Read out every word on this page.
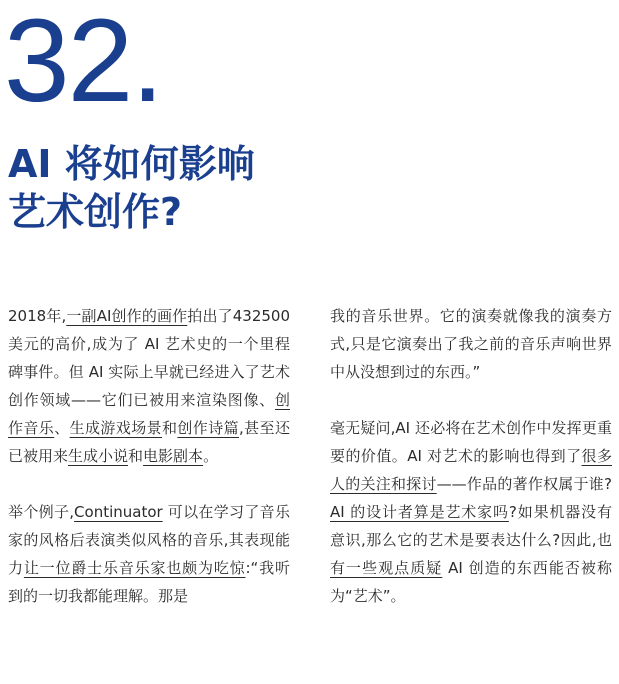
32.
AI 将如何影响
艺术创作?

2018年,一副AI创作的画作拍出了432500 美元的高价,成为了 AI 艺术史的一个里程碑事件。但 AI 实际上早就已经进入了艺术创作领域——它们已被用来渲染图像、创作音乐、生成游戏场景和创作诗篇,甚至还已被用来生成小说和电影剧本。

举个例子,Continuator 可以在学习了音乐家的风格后表演类似风格的音乐,其表现能力让一位爵士乐音乐家也颇为吃惊:“我听到的一切我都能理解。那是

我的音乐世界。它的演奏就像我的演奏方式,只是它演奏出了我之前的音乐声响世界中从没想到过的东西。”

毫无疑问,AI 还必将在艺术创作中发挥更重要的价值。AI 对艺术的影响也得到了很多人的关注和探讨——作品的著作权属于谁? AI 的设计者算是艺术家吗?如果机器没有意识,那么它的艺术是要表达什么?因此,也有一些观点质疑 AI 创造的东西能否被称为“艺术”。
